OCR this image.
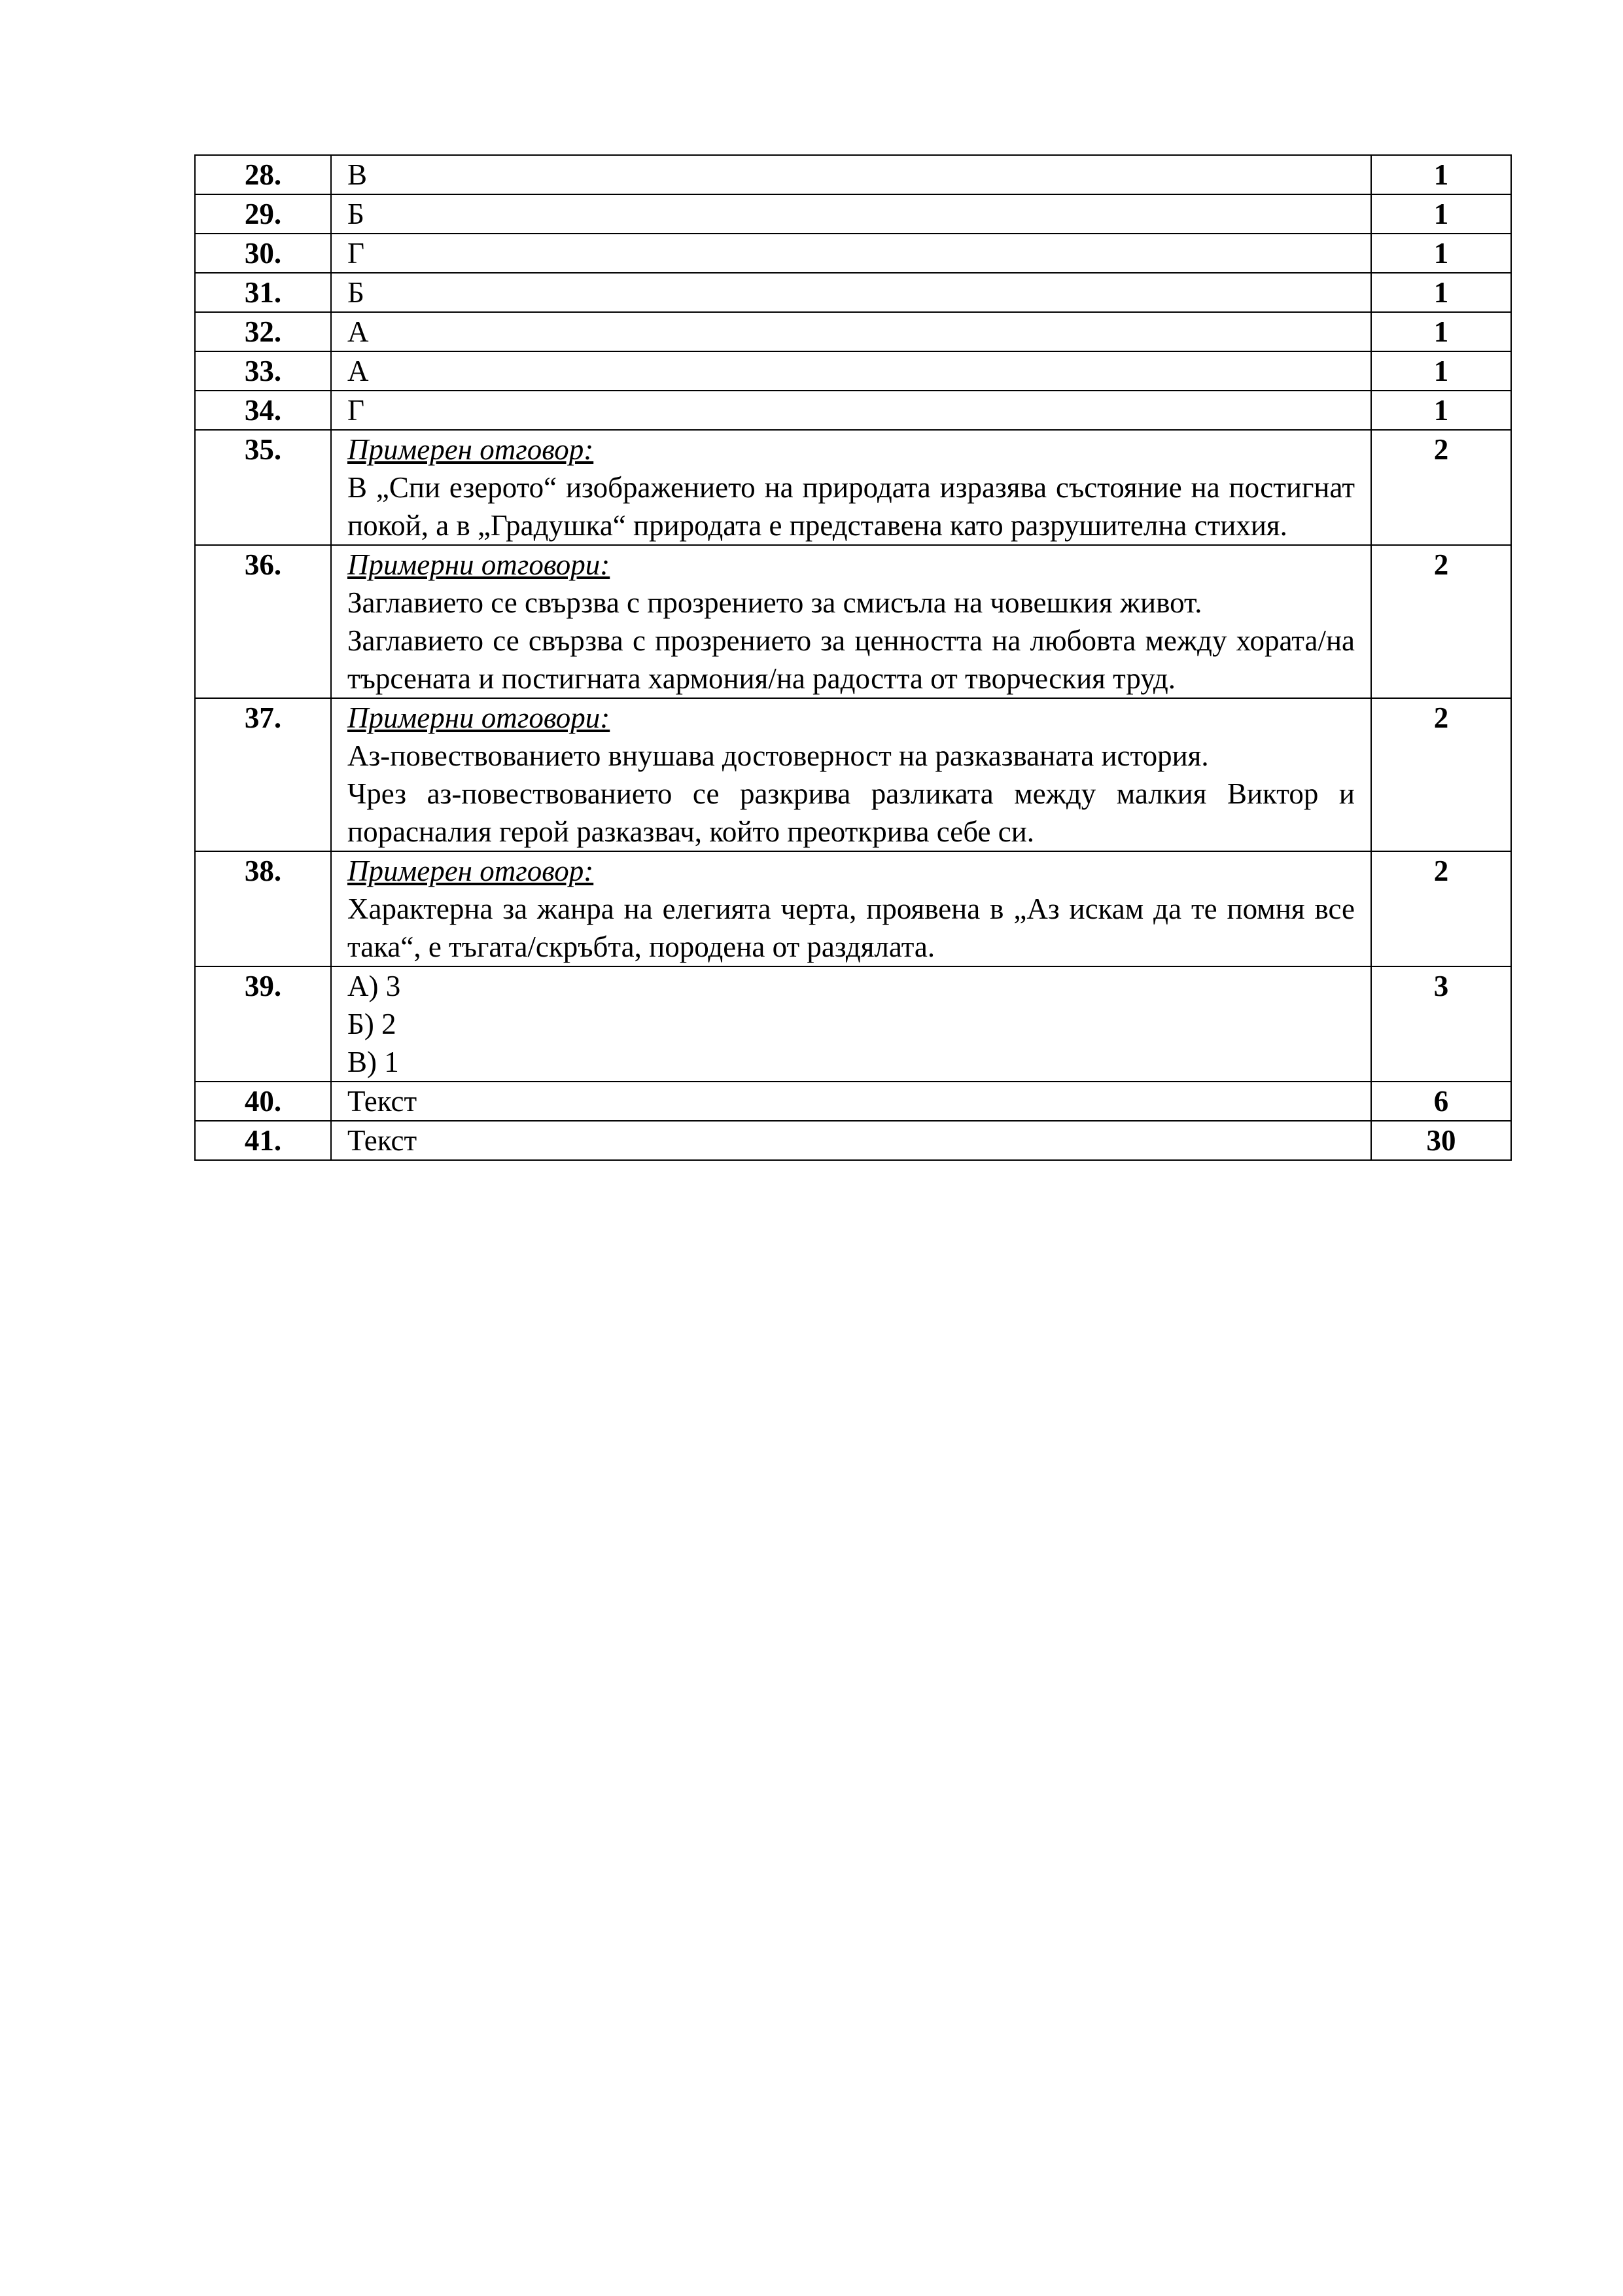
28.	В	1
29.	Б	1
30.	Г	1
31.	Б	1
32.	А	1
33.	А	1
34.	Г	1
35.	Примерен отговор:
В „Спи езерото“ изображението на природата изразява състояние на постигнат покой, а в „Градушка“ природата е представена като разрушителна стихия.	2
36.	Примерни отговори:
Заглавието се свързва с прозрението за смисъла на човешкия живот.
Заглавието се свързва с прозрението за ценността на любовта между хората/на търсената и постигната хармония/на радостта от творческия труд.	2
37.	Примерни отговори:
Аз-повествованието внушава достоверност на разказваната история.
Чрез аз-повествованието се разкрива разликата между малкия Виктор и порасналия герой разказвач, който преоткрива себе си.	2
38.	Примерен отговор:
Характерна за жанра на елегията черта, проявена в „Аз искам да те помня все така“, е тъгата/скръбта, породена от раздялата.	2
39.	А) 3
Б) 2
В) 1	3
40.	Текст	6
41.	Текст	30
